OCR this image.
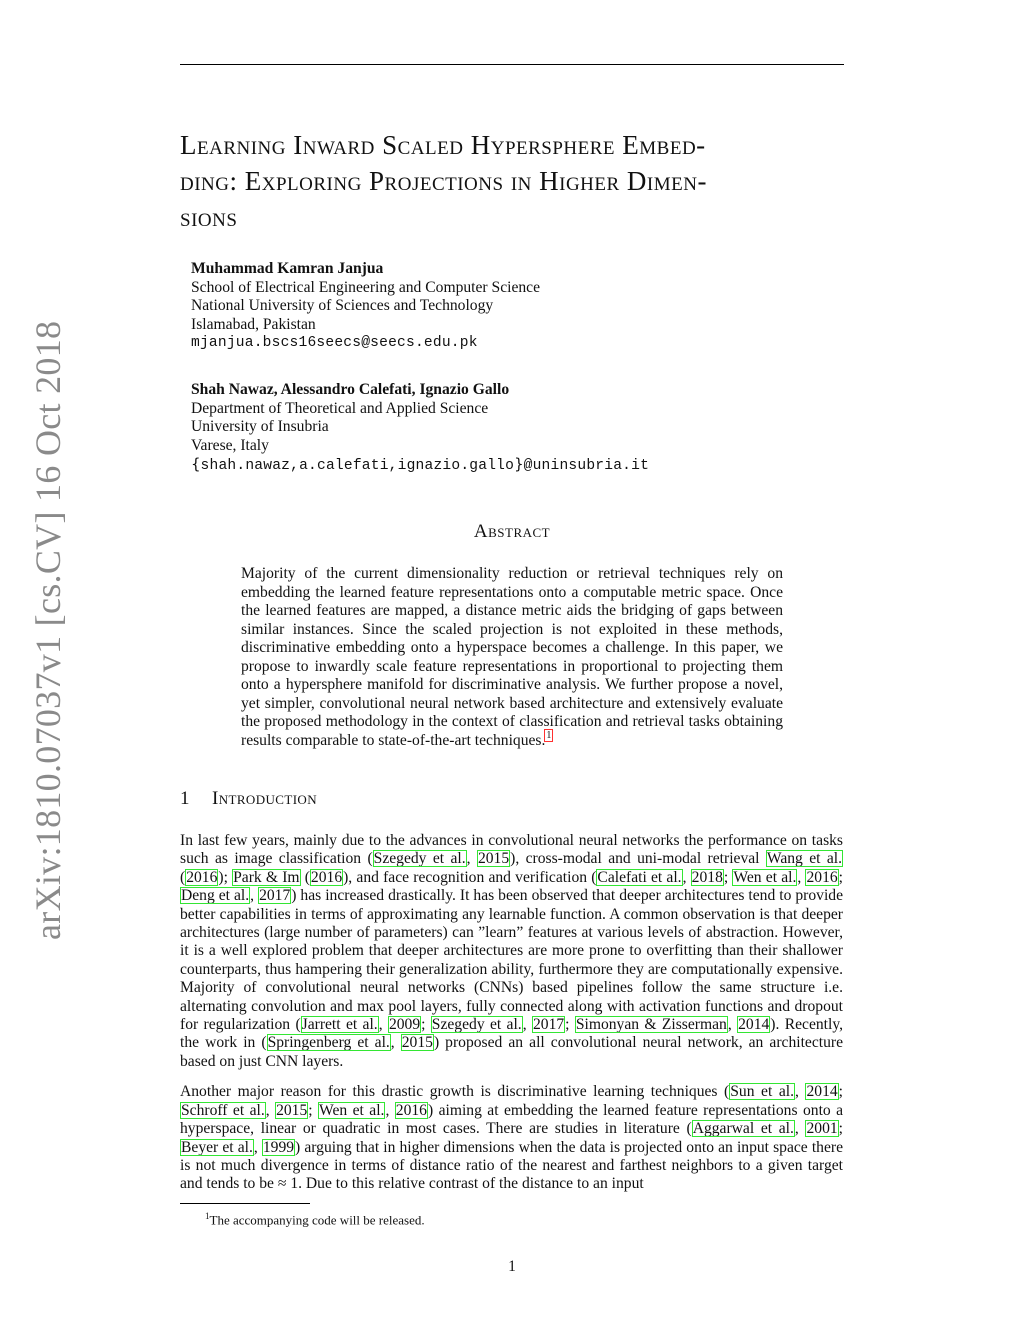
arXiv:1810.07037v1 [cs.CV] 16 Oct 2018
Learning Inward Scaled Hypersphere Embed-
ding: Exploring Projections in Higher Dimen-
sions
Muhammad Kamran Janjua
School of Electrical Engineering and Computer Science
National University of Sciences and Technology
Islamabad, Pakistan
mjanjua.bscs16seecs@seecs.edu.pk
Shah Nawaz, Alessandro Calefati, Ignazio Gallo
Department of Theoretical and Applied Science
University of Insubria
Varese, Italy
{shah.nawaz,a.calefati,ignazio.gallo}@uninsubria.it
Abstract

Majority of the current dimensionality reduction or retrieval techniques rely on embedding the learned feature representations onto a computable metric space. Once the learned features are mapped, a distance metric aids the bridging of gaps between similar instances. Since the scaled projection is not exploited in these methods, discriminative embedding onto a hyperspace becomes a challenge. In this paper, we propose to inwardly scale feature representations in proportional to projecting them onto a hypersphere manifold for discriminative analysis. We further propose a novel, yet simpler, convolutional neural network based architecture and extensively evaluate the proposed methodology in the context of classification and retrieval tasks obtaining results comparable to state-of-the-art techniques.$^1$

1 Introduction

In last few years, mainly due to the advances in convolutional neural networks the performance on tasks such as image classification (Szegedy et al., 2015), cross-modal and uni-modal retrieval Wang et al. (2016); Park & Im (2016), and face recognition and verification (Calefati et al., 2018; Wen et al., 2016; Deng et al., 2017) has increased drastically. It has been observed that deeper architectures tend to provide better capabilities in terms of approximating any learnable function. A common observation is that deeper architectures (large number of parameters) can ”learn” features at various levels of abstraction. However, it is a well explored problem that deeper architectures are more prone to overfitting than their shallower counterparts, thus hampering their generalization ability, furthermore they are computationally expensive. Majority of convolutional neural networks (CNNs) based pipelines follow the same structure i.e. alternating convolution and max pool layers, fully connected along with activation functions and dropout for regularization (Jarrett et al., 2009; Szegedy et al., 2017; Simonyan & Zisserman, 2014). Recently, the work in (Springenberg et al., 2015) proposed an all convolutional neural network, an architecture based on just CNN layers.

Another major reason for this drastic growth is discriminative learning techniques (Sun et al., 2014; Schroff et al., 2015; Wen et al., 2016) aiming at embedding the learned feature representations onto a hyperspace, linear or quadratic in most cases. There are studies in literature (Aggarwal et al., 2001; Beyer et al., 1999) arguing that in higher dimensions when the data is projected onto an input space there is not much divergence in terms of distance ratio of the nearest and farthest neighbors to a given target and tends to be ≈ 1. Due to this relative contrast of the distance to an input

$^1$The accompanying code will be released.
1
